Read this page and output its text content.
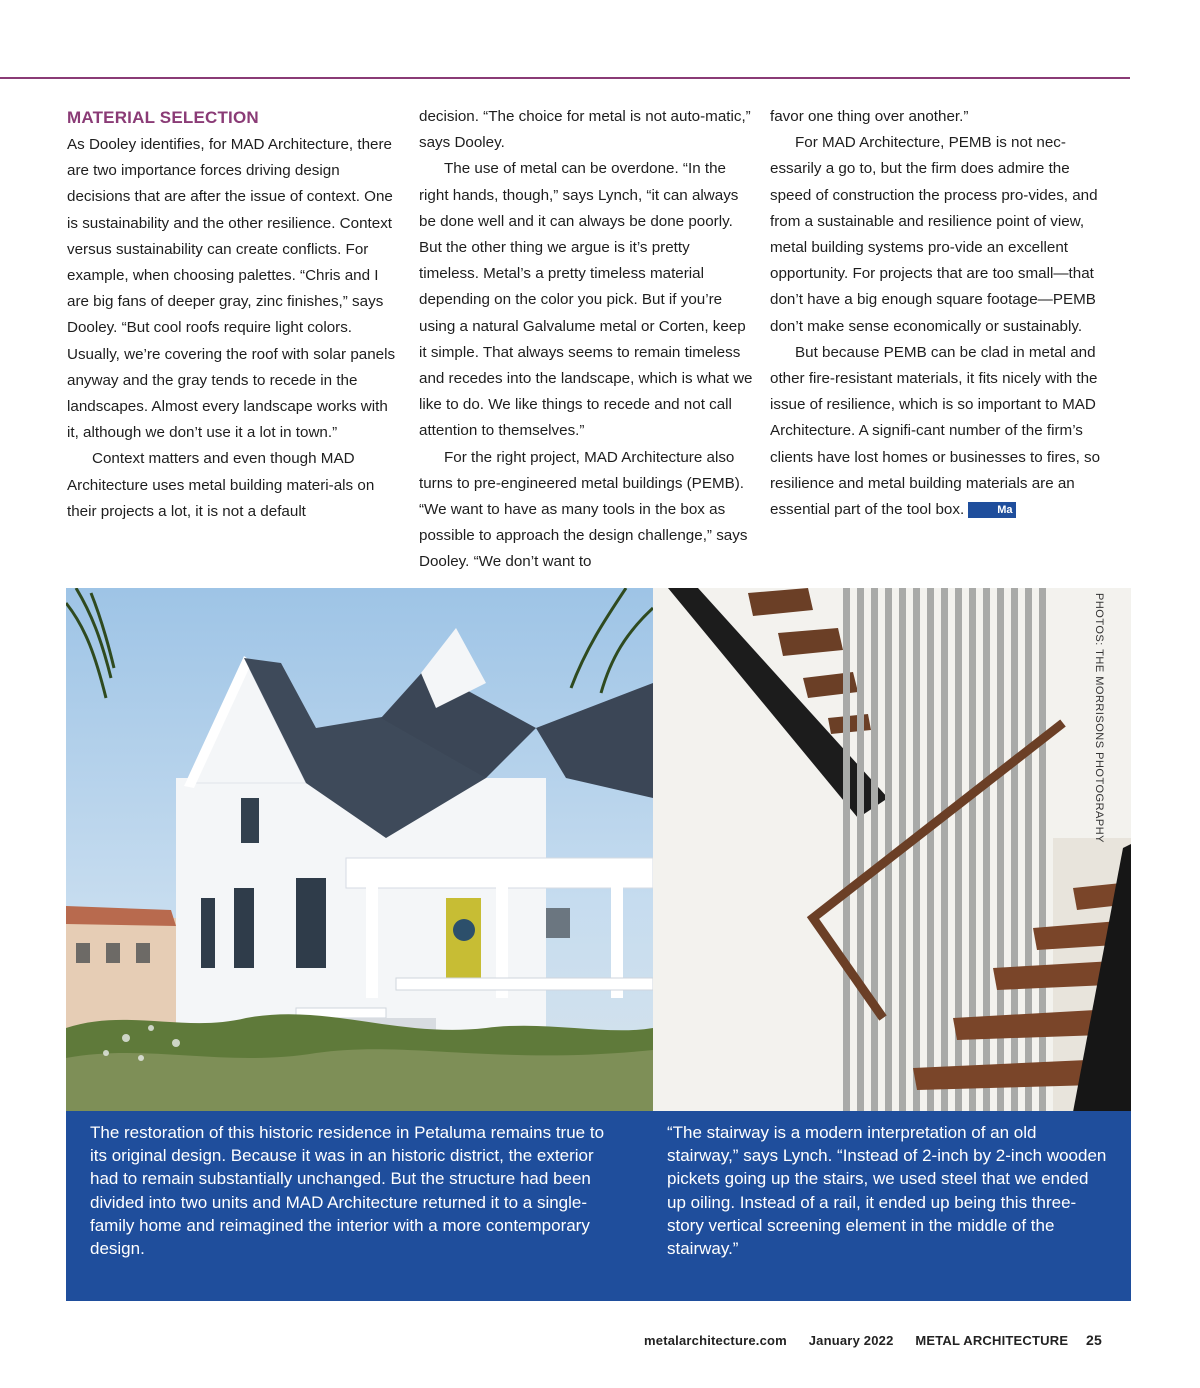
MATERIAL SELECTION

As Dooley identifies, for MAD Architecture, there are two importance forces driving design decisions that are after the issue of context. One is sustainability and the other resilience. Context versus sustainability can create conflicts. For example, when choosing palettes. “Chris and I are big fans of deeper gray, zinc finishes,” says Dooley. “But cool roofs require light colors. Usually, we’re covering the roof with solar panels anyway and the gray tends to recede in the landscapes. Almost every landscape works with it, although we don’t use it a lot in town.”

Context matters and even though MAD Architecture uses metal building materi-als on their projects a lot, it is not a default

decision. “The choice for metal is not auto-matic,” says Dooley.

The use of metal can be overdone. “In the right hands, though,” says Lynch, “it can always be done well and it can always be done poorly. But the other thing we argue is it’s pretty timeless. Metal’s a pretty timeless material depending on the color you pick. But if you’re using a natural Galvalume metal or Corten, keep it simple. That always seems to remain timeless and recedes into the landscape, which is what we like to do. We like things to recede and not call attention to themselves.”

For the right project, MAD Architecture also turns to pre-engineered metal buildings (PEMB). “We want to have as many tools in the box as possible to approach the design challenge,” says Dooley. “We don’t want to

favor one thing over another.”

For MAD Architecture, PEMB is not nec-essarily a go to, but the firm does admire the speed of construction the process pro-vides, and from a sustainable and resilience point of view, metal building systems pro-vide an excellent opportunity. For projects that are too small—that don’t have a big enough square footage—PEMB don’t make sense economically or sustainably.

But because PEMB can be clad in metal and other fire-resistant materials, it fits nicely with the issue of resilience, which is so important to MAD Architecture. A signifi-cant number of the firm’s clients have lost homes or businesses to fires, so resilience and metal building materials are an essential part of the tool box.	Ma

PHOTOS: THE MORRISONS PHOTOGRAPHY
The restoration of this historic residence in Petaluma remains true to its original design. Because it was in an historic district, the exterior had to remain substantially unchanged. But the structure had been divided into two units and MAD Architecture returned it to a single-family home and reimagined the interior with a more contemporary design.
“The stairway is a modern interpretation of an old stairway,” says Lynch. “Instead of 2-inch by 2-inch wooden pickets going up the stairs, we used steel that we ended up oiling. Instead of a rail, it ended up being this three-story vertical screening element in the middle of the stairway.”
metalarchitecture.com January 2022 METAL ARCHITECTURE 25
